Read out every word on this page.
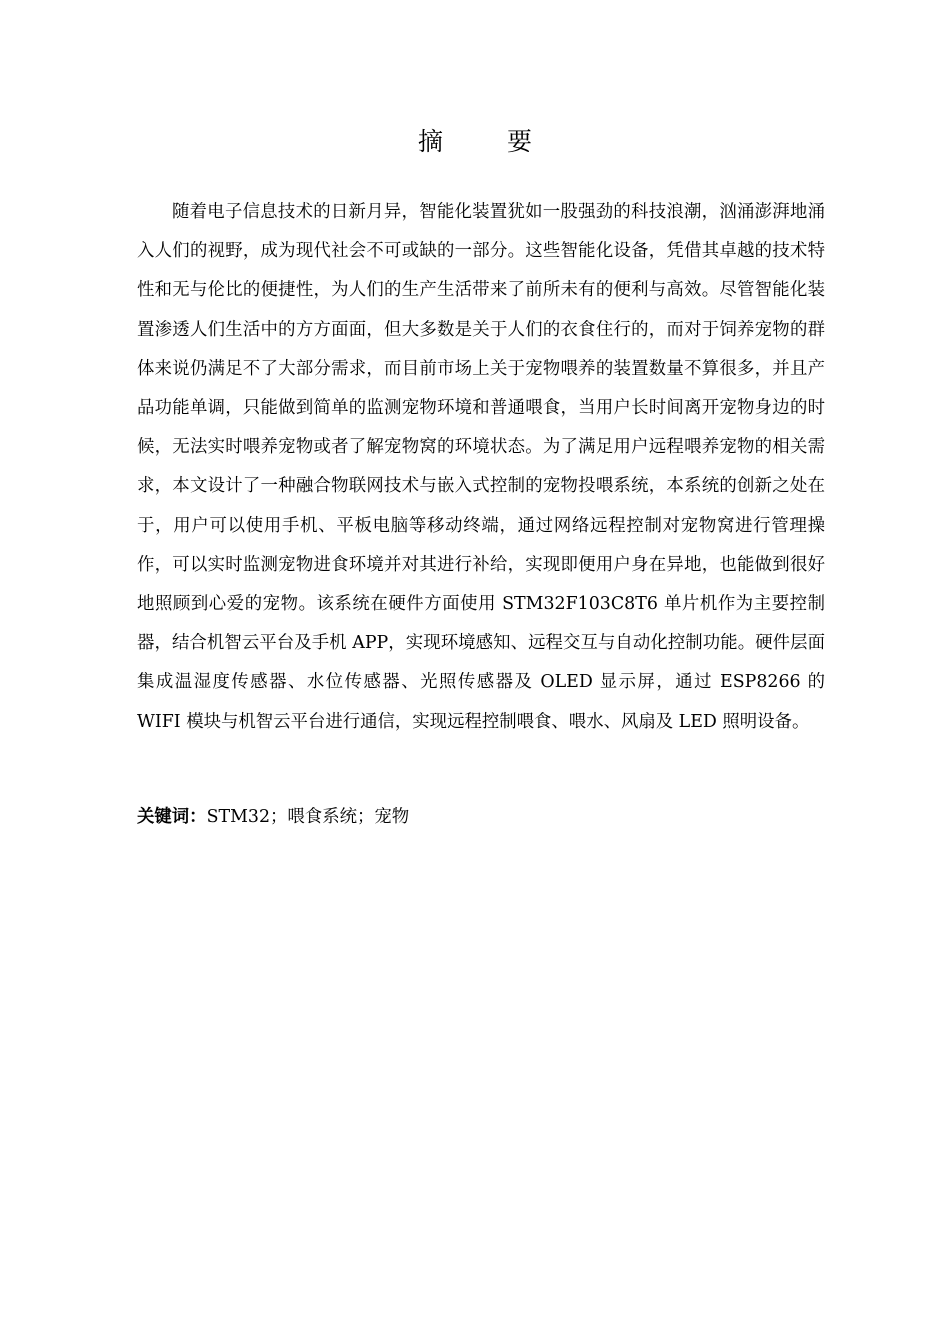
摘 要

随着电子信息技术的日新月异，智能化装置犹如一股强劲的科技浪潮，汹涌澎湃地涌入人们的视野，成为现代社会不可或缺的一部分。这些智能化设备，凭借其卓越的技术特性和无与伦比的便捷性，为人们的生产生活带来了前所未有的便利与高效。尽管智能化装置渗透人们生活中的方方面面，但大多数是关于人们的衣食住行的，而对于饲养宠物的群体来说仍满足不了大部分需求，而目前市场上关于宠物喂养的装置数量不算很多，并且产品功能单调，只能做到简单的监测宠物环境和普通喂食，当用户长时间离开宠物身边的时候，无法实时喂养宠物或者了解宠物窝的环境状态。为了满足用户远程喂养宠物的相关需求，本文设计了一种融合物联网技术与嵌入式控制的宠物投喂系统，本系统的创新之处在于，用户可以使用手机、平板电脑等移动终端，通过网络远程控制对宠物窝进行管理操作，可以实时监测宠物进食环境并对其进行补给，实现即便用户身在异地，也能做到很好地照顾到心爱的宠物。该系统在硬件方面使用 STM32F103C8T6 单片机作为主要控制器，结合机智云平台及手机 APP，实现环境感知、远程交互与自动化控制功能。硬件层面集成温湿度传感器、水位传感器、光照传感器及 OLED 显示屏，通过 ESP8266 的 WIFI 模块与机智云平台进行通信，实现远程控制喂食、喂水、风扇及 LED 照明设备。

关键词：STM32；喂食系统；宠物
